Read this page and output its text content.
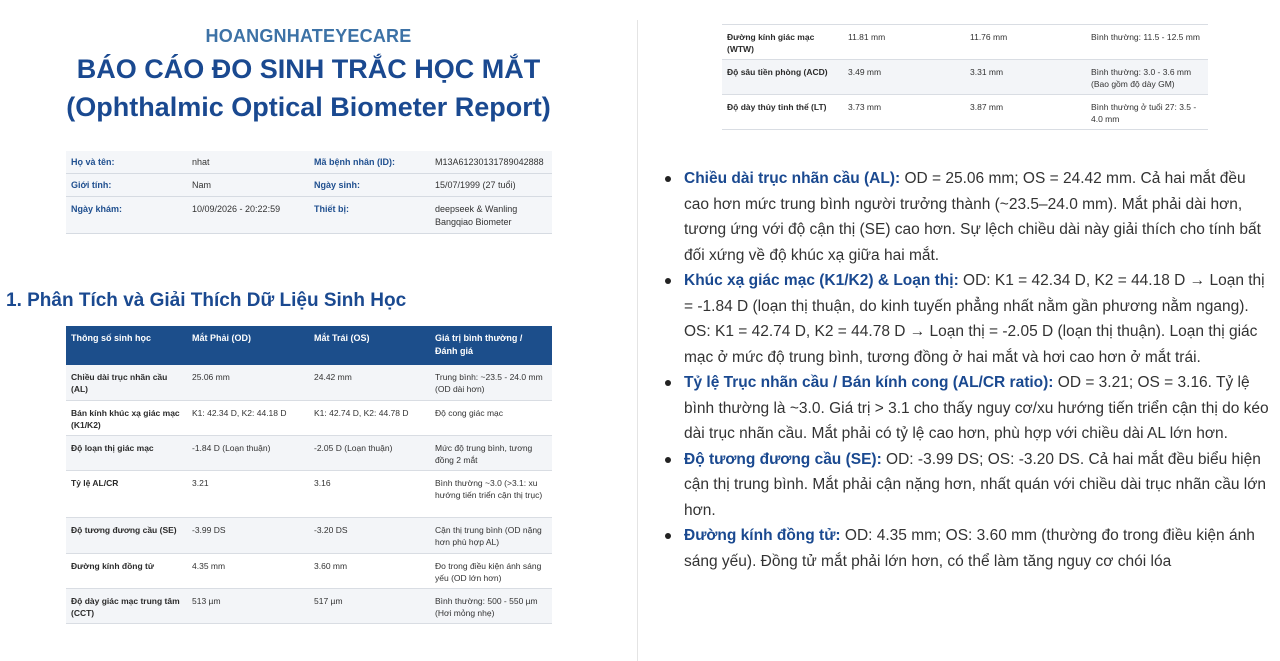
HOANGNHATEYECARE
BÁO CÁO ĐO SINH TRẮC HỌC MẮT
(Ophthalmic Optical Biometer Report)
Họ và tên:	nhat	Mã bệnh nhân (ID):	M13A61230131789042888
Giới tính:	Nam	Ngày sinh:	15/07/1999 (27 tuổi)
Ngày khám:	10/09/2026 - 20:22:59	Thiết bị:	deepseek & Wanling Bangqiao Biometer
1. Phân Tích và Giải Thích Dữ Liệu Sinh Học
Thông số sinh học	Mắt Phải (OD)	Mắt Trái (OS)	Giá trị bình thường / Đánh giá
Chiều dài trục nhãn cầu (AL)	25.06 mm	24.42 mm	Trung bình: ~23.5 - 24.0 mm (OD dài hơn)
Bán kính khúc xạ giác mạc (K1/K2)	K1: 42.34 D, K2: 44.18 D	K1: 42.74 D, K2: 44.78 D	Độ cong giác mạc
Độ loạn thị giác mạc	-1.84 D (Loạn thuận)	-2.05 D (Loạn thuận)	Mức độ trung bình, tương đồng 2 mắt
Tỷ lệ AL/CR	3.21	3.16	Bình thường ~3.0 (>3.1: xu hướng tiến triển cận thị trục)
Độ tương đương cầu (SE)	-3.99 DS	-3.20 DS	Cận thị trung bình (OD nặng hơn phù hợp AL)
Đường kính đồng tử	4.35 mm	3.60 mm	Đo trong điều kiện ánh sáng yếu (OD lớn hơn)
Độ dày giác mạc trung tâm (CCT)	513 µm	517 µm	Bình thường: 500 - 550 µm (Hơi mỏng nhẹ)
Đường kính giác mạc (WTW)	11.81 mm	11.76 mm	Bình thường: 11.5 - 12.5 mm
Độ sâu tiền phòng (ACD)	3.49 mm	3.31 mm	Bình thường: 3.0 - 3.6 mm (Bao gồm độ dày GM)
Độ dày thủy tinh thể (LT)	3.73 mm	3.87 mm	Bình thường ở tuổi 27: 3.5 - 4.0 mm
Chiều dài trục nhãn cầu (AL): OD = 25.06 mm; OS = 24.42 mm. Cả hai mắt đều cao hơn mức trung bình người trưởng thành (~23.5–24.0 mm). Mắt phải dài hơn, tương ứng với độ cận thị (SE) cao hơn. Sự lệch chiều dài này giải thích cho tính bất đối xứng về độ khúc xạ giữa hai mắt.
Khúc xạ giác mạc (K1/K2) & Loạn thị: OD: K1 = 42.34 D, K2 = 44.18 D → Loạn thị = -1.84 D (loạn thị thuận, do kinh tuyến phẳng nhất nằm gần phương nằm ngang). OS: K1 = 42.74 D, K2 = 44.78 D → Loạn thị = -2.05 D (loạn thị thuận). Loạn thị giác mạc ở mức độ trung bình, tương đồng ở hai mắt và hơi cao hơn ở mắt trái.
Tỷ lệ Trục nhãn cầu / Bán kính cong (AL/CR ratio): OD = 3.21; OS = 3.16. Tỷ lệ bình thường là ~3.0. Giá trị > 3.1 cho thấy nguy cơ/xu hướng tiến triển cận thị do kéo dài trục nhãn cầu. Mắt phải có tỷ lệ cao hơn, phù hợp với chiều dài AL lớn hơn.
Độ tương đương cầu (SE): OD: -3.99 DS; OS: -3.20 DS. Cả hai mắt đều biểu hiện cận thị trung bình. Mắt phải cận nặng hơn, nhất quán với chiều dài trục nhãn cầu lớn hơn.
Đường kính đồng tử: OD: 4.35 mm; OS: 3.60 mm (thường đo trong điều kiện ánh sáng yếu). Đồng tử mắt phải lớn hơn, có thể làm tăng nguy cơ chói lóa
